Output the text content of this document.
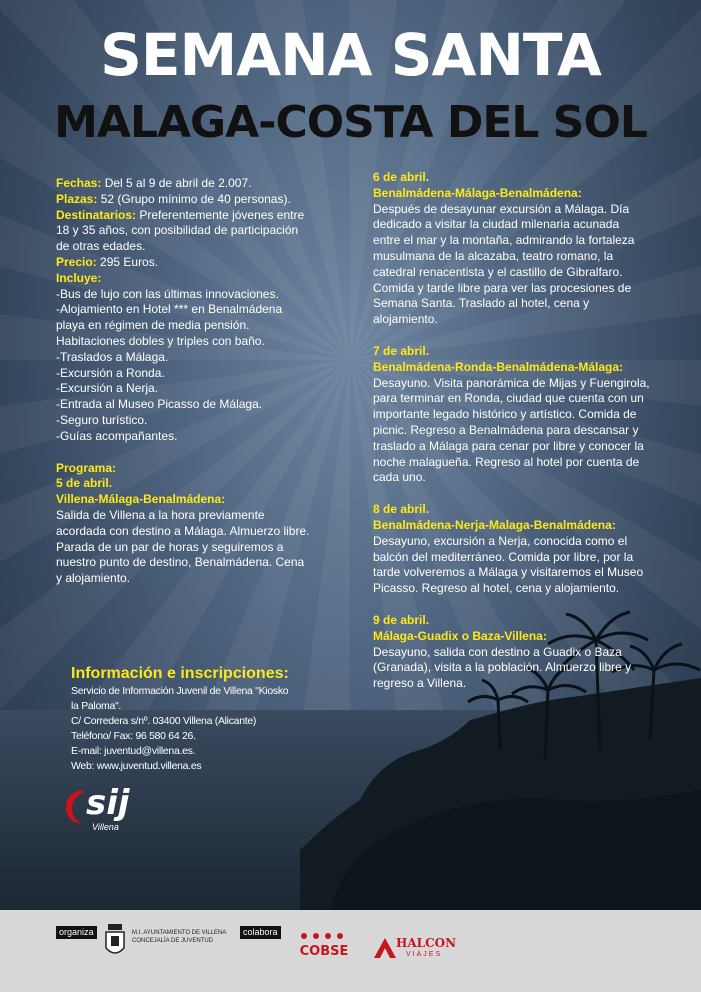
SEMANA SANTA
MALAGA-COSTA DEL SOL

Fechas: Del 5 al 9 de abril de 2.007.

Plazas: 52 (Grupo mínimo de 40 personas).

Destinatarios: Preferentemente jóvenes entre

18 y 35 años, con posibilidad de participación

de otras edades.

Precio: 295 Euros.

Incluye:

-Bus de lujo con las últimas innovaciones.

-Alojamiento en Hotel *** en Benalmádena

playa en régimen de media pensión.

Habitaciones dobles y triples con baño.

-Traslados a Málaga.

-Excursión a Ronda.

-Excursión a Nerja.

-Entrada al Museo Picasso de Málaga.

-Seguro turístico.

-Guías acompañantes.

Programa:

5 de abril.

Villena-Málaga-Benalmádena:

Salida de Villena a la hora previamente

acordada con destino a Málaga. Almuerzo libre.

Parada de un par de horas y seguiremos a

nuestro punto de destino, Benalmádena. Cena

y alojamiento.

6 de abril.

Benalmádena-Málaga-Benalmádena:

Después de desayunar excursión a Málaga. Día

dedicado a visitar la ciudad milenaria acunada

entre el mar y la montaña, admirando la fortaleza

musulmana de la alcazaba, teatro romano, la

catedral renacentista y el castillo de Gibralfaro.

Comida y tarde libre para ver las procesiones de

Semana Santa. Traslado al hotel, cena y

alojamiento.

7 de abril.

Benalmádena-Ronda-Benalmádena-Málaga:

Desayuno. Visita panorámica de Mijas y Fuengirola,

para terminar en Ronda, ciudad que cuenta con un

importante legado histórico y artístico. Comida de

picnic. Regreso a Benalmádena para descansar y

traslado a Málaga para cenar por libre y conocer la

noche malagueña. Regreso al hotel por cuenta de

cada uno.

8 de abril.

Benalmádena-Nerja-Malaga-Benalmádena:

Desayuno, excursión a Nerja, conocida como el

balcón del mediterráneo. Comida por libre, por la

tarde volveremos a Málaga y visitaremos el Museo

Picasso. Regreso al hotel, cena y alojamiento.

9 de abril.

Málaga-Guadix o Baza-Villena:

Desayuno, salida con destino a Guadix o Baza

(Granada), visita a la población. Almuerzo libre y

regreso a Villena.

Información e inscripciones:
Servicio de Información Juvenil de Villena "Kiosko
la Paloma".
C/ Corredera s/nº. 03400 Villena (Alicante)
Teléfono/ Fax: 96 580 64 26.
E-mail: juventud@villena.es.
Web: www.juventud.villena.es
sij
Villena
organiza	M.I. AYUNTAMIENTO DE VILLENA
CONCEJALÍA DE JUVENTUD
colabora
COBSE
HALCON
VIAJES
